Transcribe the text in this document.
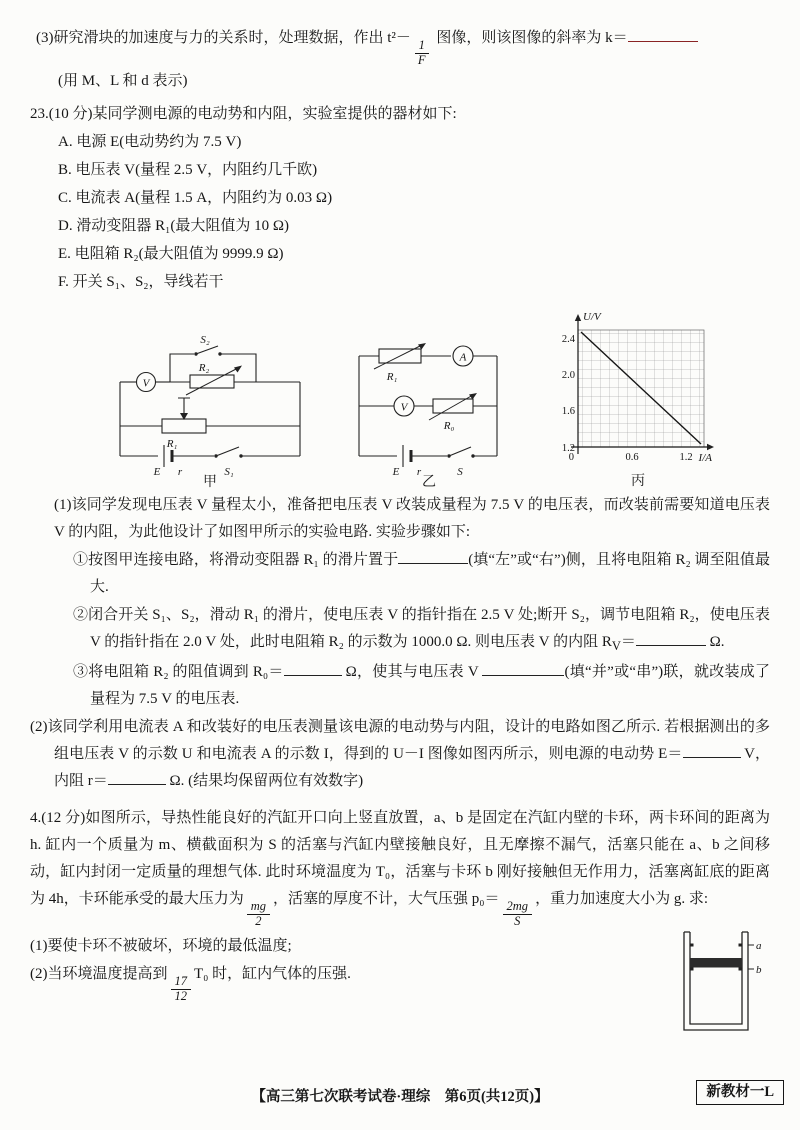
(3)研究滑块的加速度与力的关系时，处理数据，作出 t²－
$\frac{1}{F}$
图像，则该图像的斜率为 k＝

(用 M、L 和 d 表示)

23.(10 分)某同学测电源的电动势和内阻，实验室提供的器材如下:

A. 电源 E(电动势约为 7.5 V)

B. 电压表 V(量程 2.5 V，内阻约几千欧)

C. 电流表 A(量程 1.5 A，内阻约为 0.03 Ω)

D. 滑动变阻器 R₁(最大阻值为 10 Ω)

E. 电阻箱 R₂(最大阻值为 9999.9 Ω)

F. 开关 S₁、S₂，导线若干

V
S₂
R₂
R₁
E r	S₁
甲
R₁
A
V
R₀
E r	S
乙
U/V
I/A
2.4
2.0
1.6
1.2
0	0.6	1.2
丙

(1)该同学发现电压表 V 量程太小，准备把电压表 V 改装成量程为 7.5 V 的电压表，而改装前需要知道电压表 V 的内阻，为此他设计了如图甲所示的实验电路. 实验步骤如下:

①按图甲连接电路，将滑动变阻器 R₁ 的滑片置于	(填“左”或“右”)侧，且将电阻箱 R₂ 调至阻值最大.

②闭合开关 S₁、S₂，滑动 R₁ 的滑片，使电压表 V 的指针指在 2.5 V 处;断开 S₂，调节电阻箱 R₂，使电压表 V 的指针指在 2.0 V 处，此时电阻箱 R₂ 的示数为 1000.0 Ω. 则电压表 V 的内阻 $R_V=$	Ω.

③将电阻箱 R₂ 的阻值调到 R₀＝	Ω，使其与电压表 V	(填“并”或“串”)联，就改装成了量程为 7.5 V 的电压表.

(2)该同学利用电流表 A 和改装好的电压表测量该电源的电动势与内阻，设计的电路如图乙所示. 若根据测出的多组电压表 V 的示数 U 和电流表 A 的示数 I，得到的 U－I 图像如图丙所示，则电源的电动势 E＝	V，内阻 r＝	Ω. (结果均保留两位有效数字)

4.(12 分)如图所示，导热性能良好的汽缸开口向上竖直放置，a、b 是固定在汽缸内壁的卡环，两卡环间的距离为 h. 缸内一个质量为 m、横截面积为 S 的活塞与汽缸内壁接触良好，且无摩擦不漏气，活塞只能在 a、b 之间移动，缸内封闭一定质量的理想气体. 此时环境温度为 T₀，活塞与卡环 b 刚好接触但无作用力，活塞离缸底的距离为 4h，卡环能承受的最大压力为
$\frac{mg}{2}$
，活塞的厚度不计，大气压强 p₀＝
$\frac{2mg}{S}$
，重力加速度大小为 g. 求:

(1)要使卡环不被破坏，环境的最低温度;

(2)当环境温度提高到
$\frac{17}{12}$
T₀ 时，缸内气体的压强.

a
b
【高三第七次联考试卷·理综　第6页(共12页)】	新教材一L
